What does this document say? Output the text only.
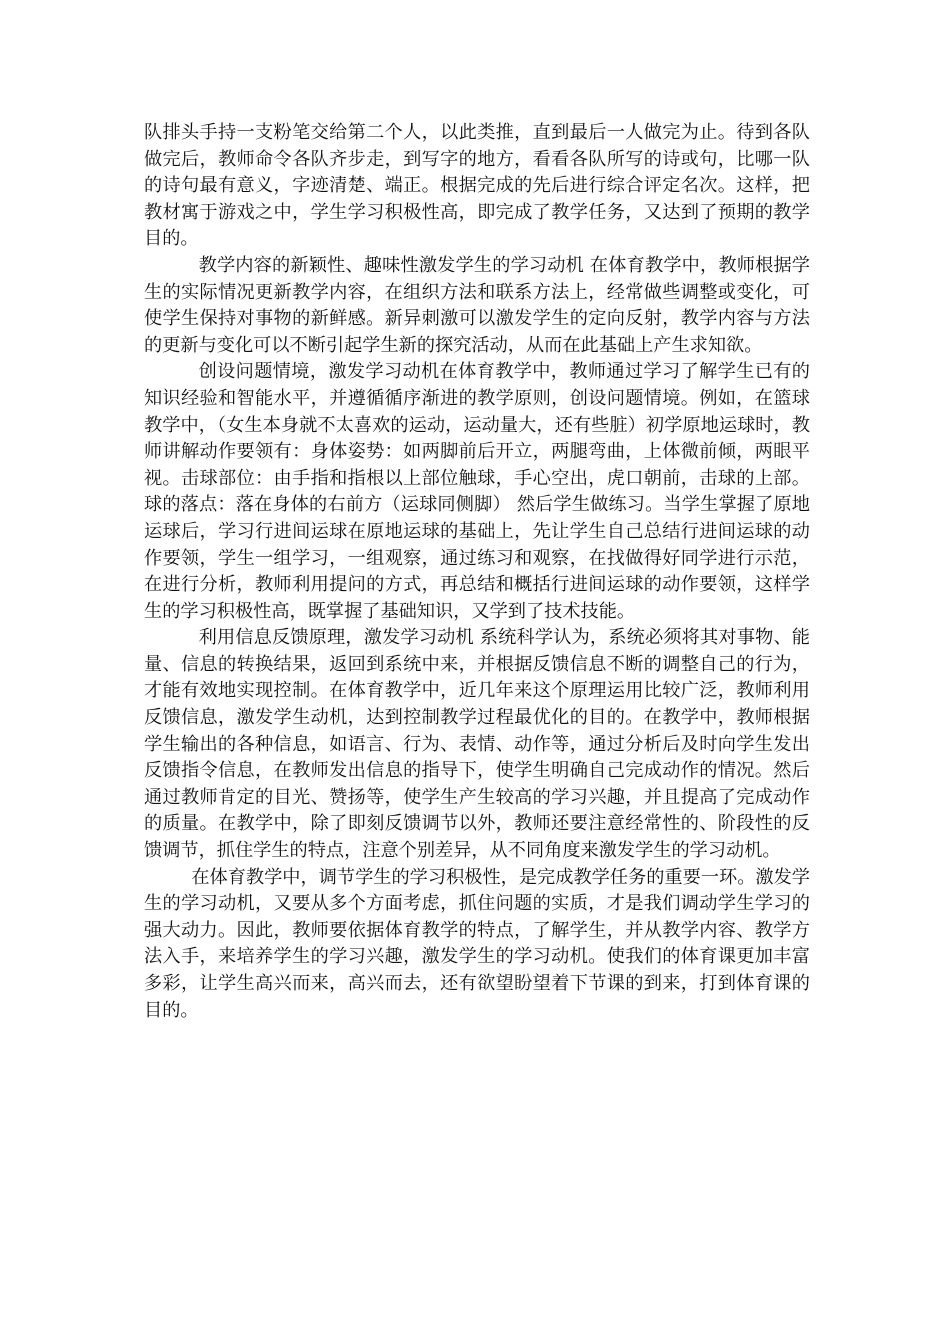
队排头手持一支粉笔交给第二个人，以此类推，直到最后一人做完为止。待到各队做完后，教师命令各队齐步走，到写字的地方，看看各队所写的诗或句，比哪一队的诗句最有意义，字迹清楚、端正。根据完成的先后进行综合评定名次。这样，把教材寓于游戏之中，学生学习积极性高，即完成了教学任务，又达到了预期的教学目的。

教学内容的新颖性、趣味性激发学生的学习动机 在体育教学中，教师根据学生的实际情况更新教学内容，在组织方法和联系方法上，经常做些调整或变化，可使学生保持对事物的新鲜感。新异刺激可以激发学生的定向反射，教学内容与方法的更新与变化可以不断引起学生新的探究活动，从而在此基础上产生求知欲。

创设问题情境，激发学习动机在体育教学中，教师通过学习了解学生已有的知识经验和智能水平，并遵循循序渐进的教学原则，创设问题情境。例如，在篮球教学中，（女生本身就不太喜欢的运动，运动量大，还有些脏）初学原地运球时，教师讲解动作要领有：身体姿势：如两脚前后开立，两腿弯曲，上体微前倾，两眼平视。击球部位：由手指和指根以上部位触球，手心空出，虎口朝前，击球的上部。球的落点：落在身体的右前方（运球同侧脚） 然后学生做练习。当学生掌握了原地运球后，学习行进间运球在原地运球的基础上，先让学生自己总结行进间运球的动作要领，学生一组学习，一组观察，通过练习和观察，在找做得好同学进行示范，在进行分析，教师利用提问的方式，再总结和概括行进间运球的动作要领，这样学生的学习积极性高，既掌握了基础知识，又学到了技术技能。

利用信息反馈原理，激发学习动机 系统科学认为，系统必须将其对事物、能量、信息的转换结果，返回到系统中来，并根据反馈信息不断的调整自己的行为，才能有效地实现控制。在体育教学中，近几年来这个原理运用比较广泛，教师利用反馈信息，激发学生动机，达到控制教学过程最优化的目的。在教学中，教师根据学生输出的各种信息，如语言、行为、表情、动作等，通过分析后及时向学生发出反馈指令信息，在教师发出信息的指导下，使学生明确自己完成动作的情况。然后通过教师肯定的目光、赞扬等，使学生产生较高的学习兴趣，并且提高了完成动作的质量。在教学中，除了即刻反馈调节以外，教师还要注意经常性的、阶段性的反馈调节，抓住学生的特点，注意个别差异，从不同角度来激发学生的学习动机。

在体育教学中，调节学生的学习积极性，是完成教学任务的重要一环。激发学生的学习动机，又要从多个方面考虑，抓住问题的实质，才是我们调动学生学习的强大动力。因此，教师要依据体育教学的特点，了解学生，并从教学内容、教学方法入手，来培养学生的学习兴趣，激发学生的学习动机。使我们的体育课更加丰富多彩，让学生高兴而来，高兴而去，还有欲望盼望着下节课的到来，打到体育课的目的。
